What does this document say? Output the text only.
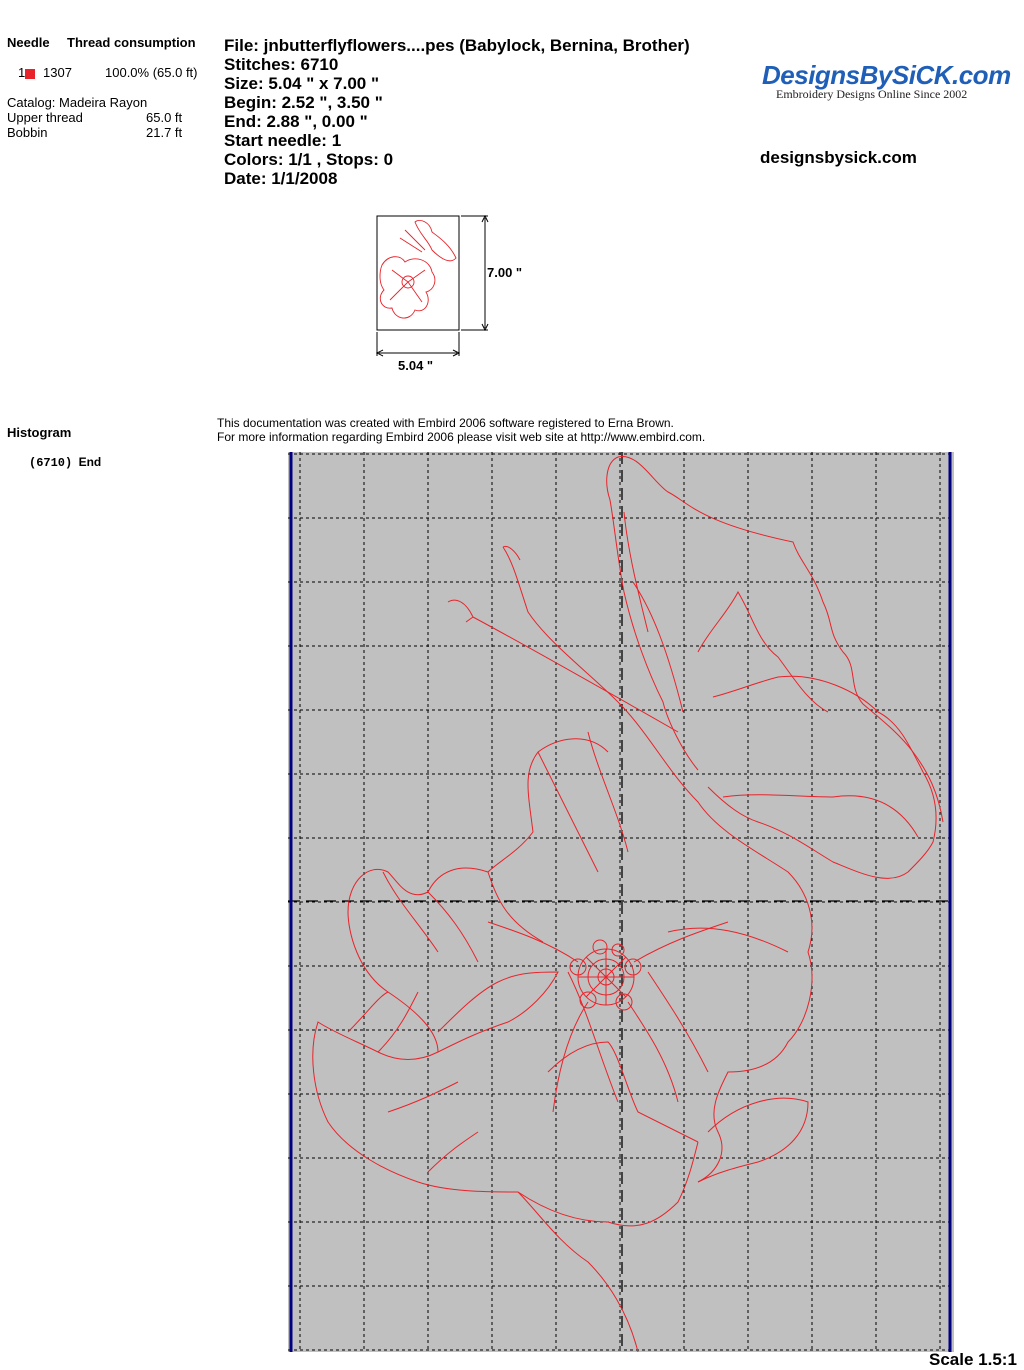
Needle Thread consumption
1	1307	100.0% (65.0 ft)
Catalog: Madeira Rayon
Upper thread	65.0 ft
Bobbin	21.7 ft
File: jnbutterflyflowers....pes (Babylock, Bernina, Brother)
Stitches: 6710
Size: 5.04 " x 7.00 "
Begin: 2.52 ", 3.50 "
End: 2.88 ", 0.00 "
Start needle: 1
Colors: 1/1 , Stops: 0
Date: 1/1/2008
DesignsBySiCK.com
Embroidery Designs Online Since 2002
designsbysick.com
7.00 "
5.04 "
This documentation was created with Embird 2006 software registered to Erna Brown.
For more information regarding Embird 2006 please visit web site at http://www.embird.com.
Histogram
(6710) End
Scale 1.5:1
